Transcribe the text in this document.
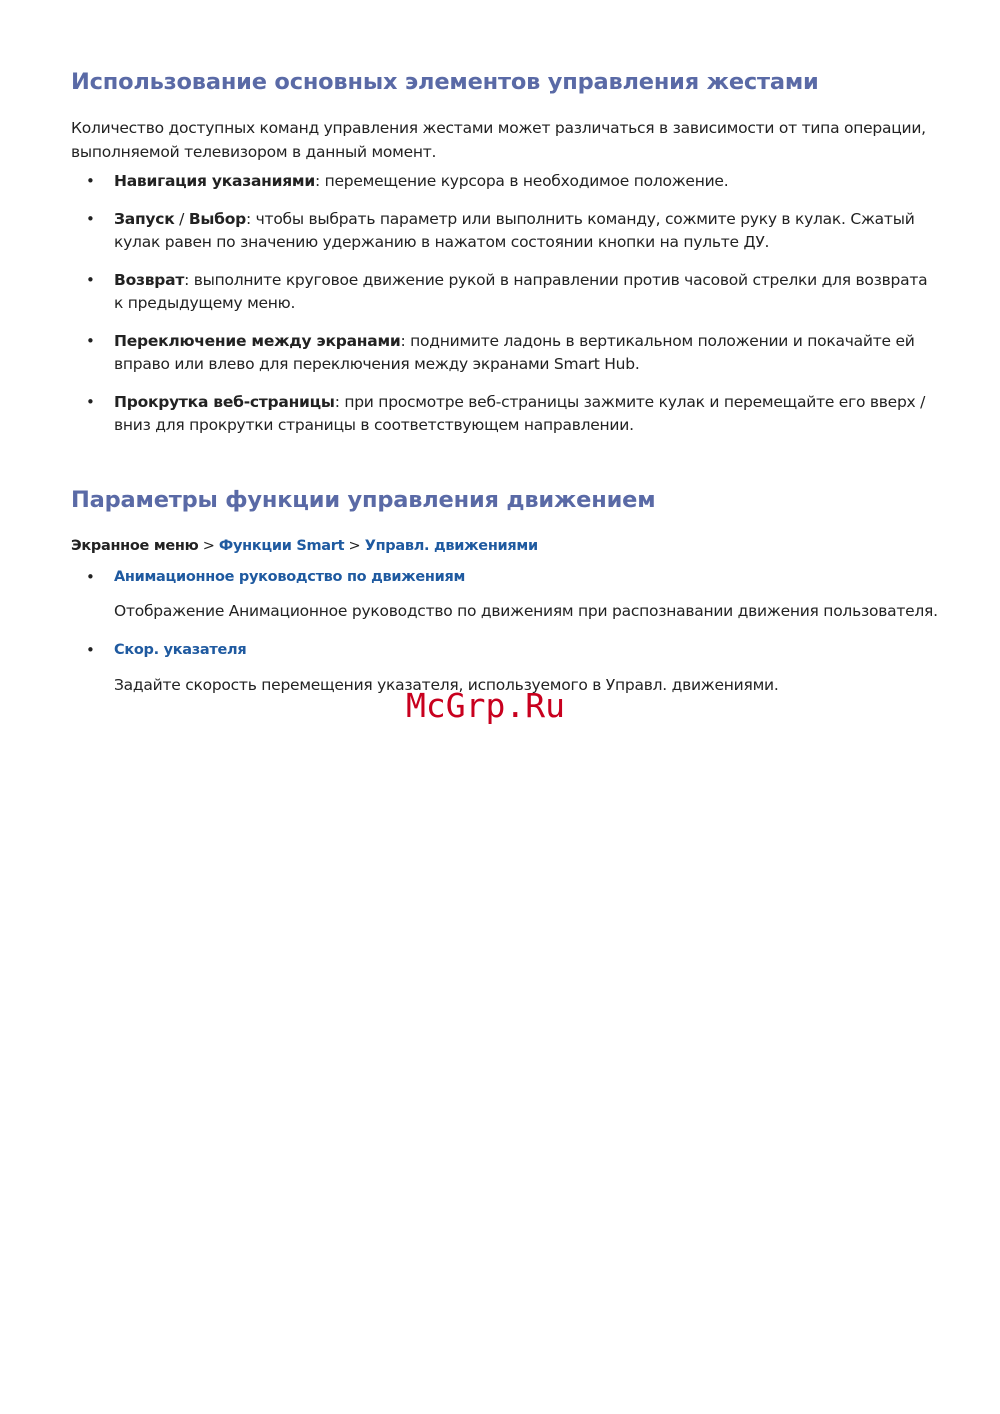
Использование основных элементов управления жестами

Количество доступных команд управления жестами может различаться в зависимости от типа операции, выполняемой телевизором в данный момент.

• Навигация указаниями: перемещение курсора в необходимое положение.
• Запуск / Выбор: чтобы выбрать параметр или выполнить команду, сожмите руку в кулак. Сжатый кулак равен по значению удержанию в нажатом состоянии кнопки на пульте ДУ.
• Возврат: выполните круговое движение рукой в направлении против часовой стрелки для возврата к предыдущему меню.
• Переключение между экранами: поднимите ладонь в вертикальном положении и покачайте ей вправо или влево для переключения между экранами Smart Hub.
• Прокрутка веб-страницы: при просмотре веб-страницы зажмите кулак и перемещайте его вверх / вниз для прокрутки страницы в соответствующем направлении.
Параметры функции управления движением
Экранное меню > Функции Smart > Управл. движениями
• Анимационное руководство по движениям

Отображение Анимационное руководство по движениям при распознавании движения пользователя.

• Скор. указателя

Задайте скорость перемещения указателя, используемого в Управл. движениями.

McGrp.Ru
